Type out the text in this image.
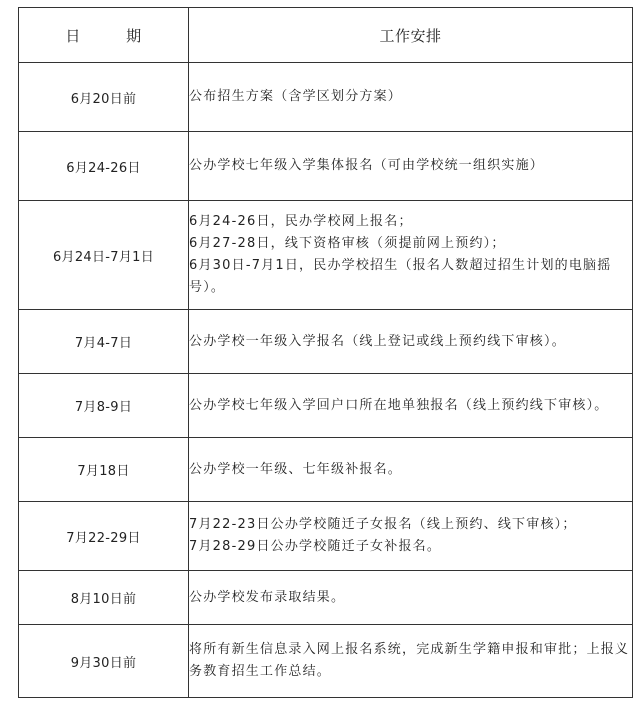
日 期	工作安排
6月20日前	公布招生方案（含学区划分方案）

6月24-26日	公办学校七年级入学集体报名（可由学校统一组织实施）

6月24日-7月1日	6月24-26日，民办学校网上报名；
6月27-28日，线下资格审核（须提前网上预约）；
6月30日-7月1日，民办学校招生（报名人数超过招生计划的电脑摇号）。

7月4-7日	公办学校一年级入学报名（线上登记或线上预约线下审核）。

7月8-9日	公办学校七年级入学回户口所在地单独报名（线上预约线下审核）。

7月18日	公办学校一年级、七年级补报名。

7月22-29日	7月22-23日公办学校随迁子女报名（线上预约、线下审核）；
7月28-29日公办学校随迁子女补报名。

8月10日前	公办学校发布录取结果。

9月30日前	将所有新生信息录入网上报名系统，完成新生学籍申报和审批；上报义务教育招生工作总结。
